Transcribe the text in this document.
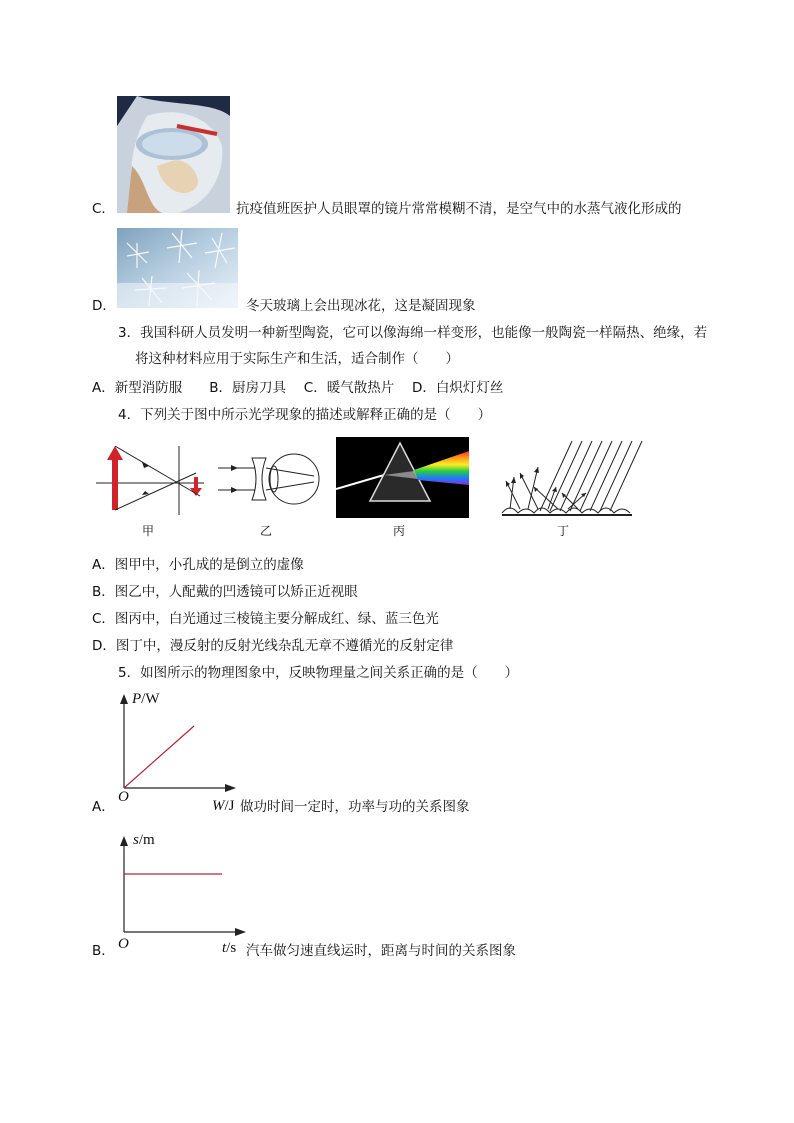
C．	抗疫值班医护人员眼罩的镜片常常模糊不清，是空气中的水蒸气液化形成的
D．	冬天玻璃上会出现冰花，这是凝固现象
3．我国科研人员发明一种新型陶瓷，它可以像海绵一样变形，也能像一般陶瓷一样隔热、绝缘，若
将这种材料应用于实际生产和生活，适合制作（　　）
A．新型消防服　　B．厨房刀具　 C．暖气散热片　 D．白炽灯灯丝
4．下列关于图中所示光学现象的描述或解释正确的是（　　）
甲	乙	丙	丁
A．图甲中，小孔成的是倒立的虚像
B．图乙中，人配戴的凹透镜可以矫正近视眼
C．图丙中，白光通过三棱镜主要分解成红、绿、蓝三色光
D．图丁中，漫反射的反射光线杂乱无章不遵循光的反射定律
5．如图所示的物理图象中，反映物理量之间关系正确的是（　　）
P/W
O
A．	W/J 做功时间一定时，功率与功的关系图象
s/m
O
B．	t/s 汽车做匀速直线运时，距离与时间的关系图象
